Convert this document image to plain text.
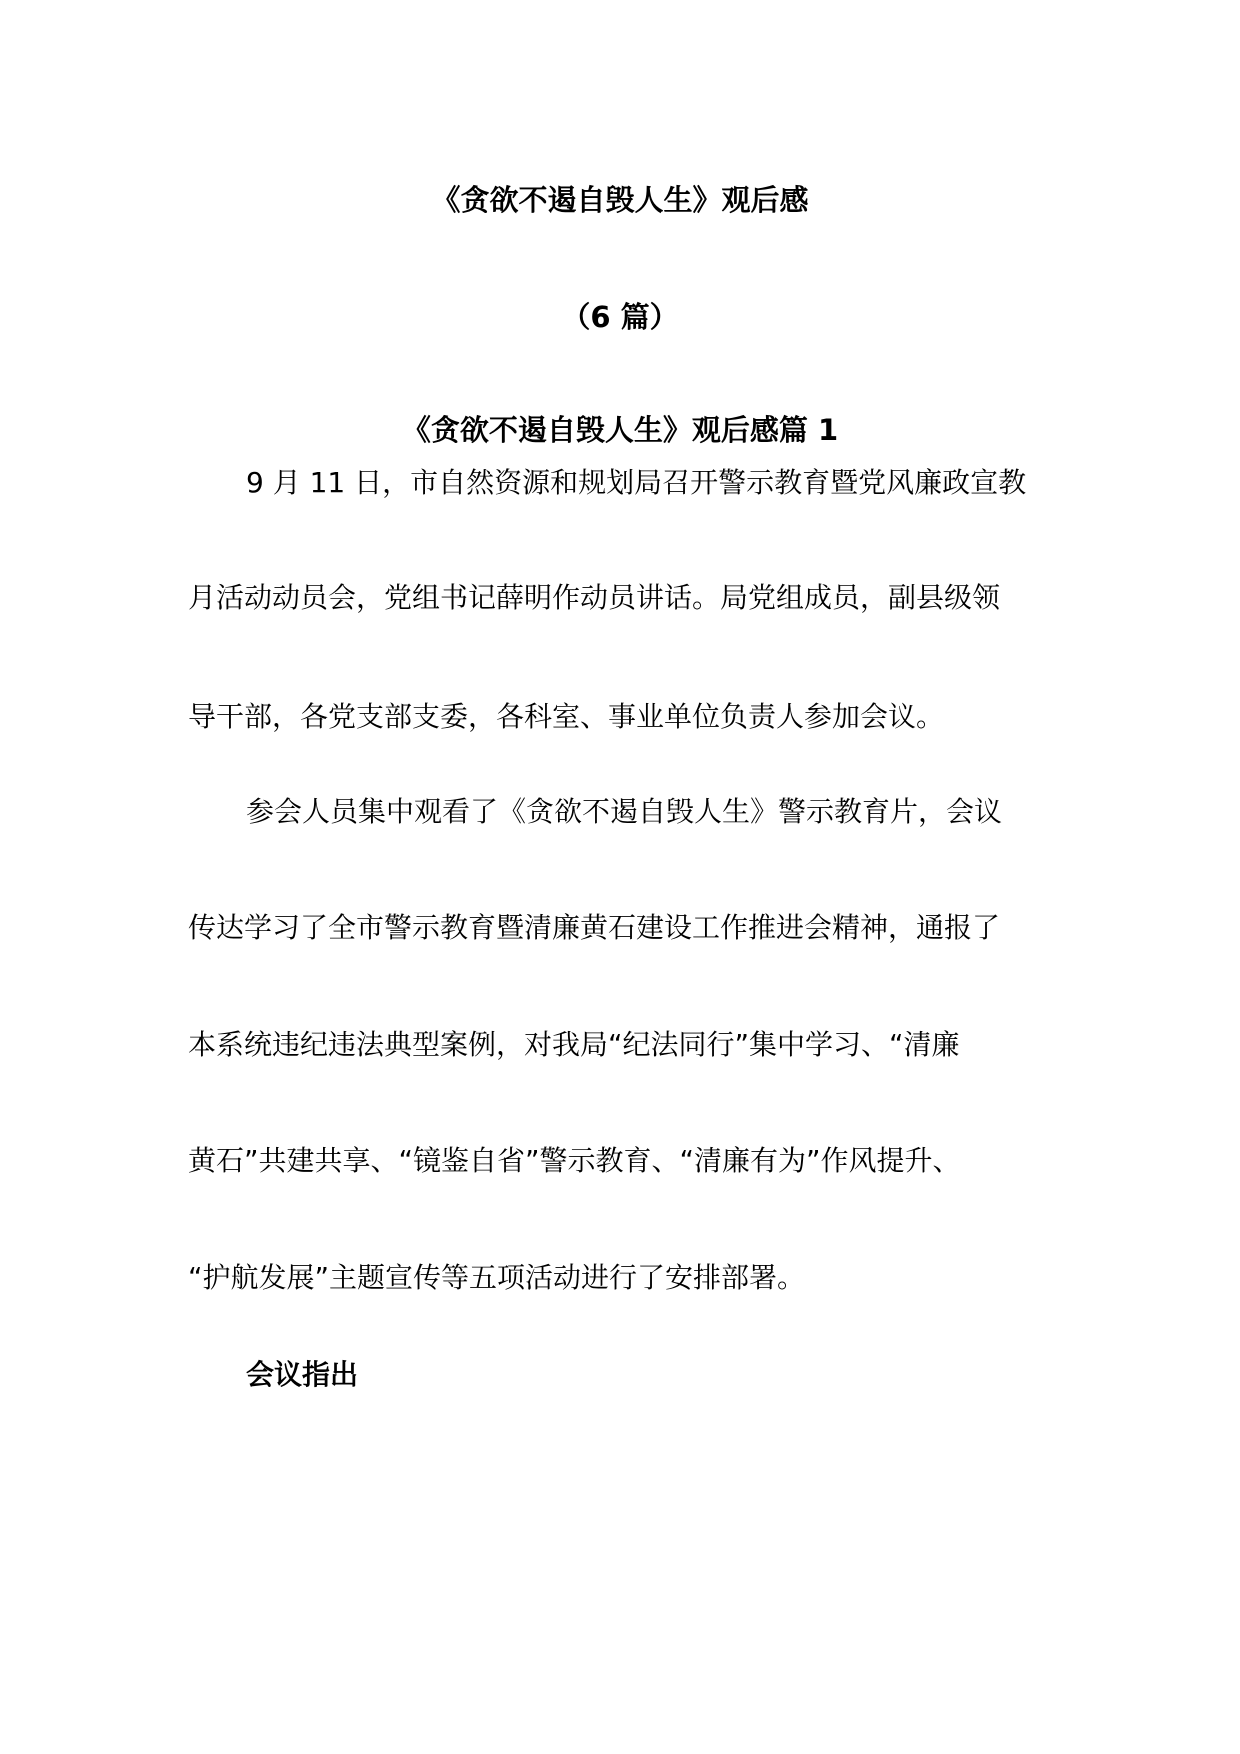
《贪欲不遏自毁人生》观后感
（6 篇）
《贪欲不遏自毁人生》观后感篇 1
9 月 11 日，市自然资源和规划局召开警示教育暨党风廉政宣教
月活动动员会，党组书记薛明作动员讲话。局党组成员，副县级领
导干部，各党支部支委，各科室、事业单位负责人参加会议。
参会人员集中观看了《贪欲不遏自毁人生》警示教育片，会议
传达学习了全市警示教育暨清廉黄石建设工作推进会精神，通报了
本系统违纪违法典型案例，对我局“纪法同行”集中学习、“清廉
黄石”共建共享、“镜鉴自省”警示教育、“清廉有为”作风提升、
“护航发展”主题宣传等五项活动进行了安排部署。
会议指出
